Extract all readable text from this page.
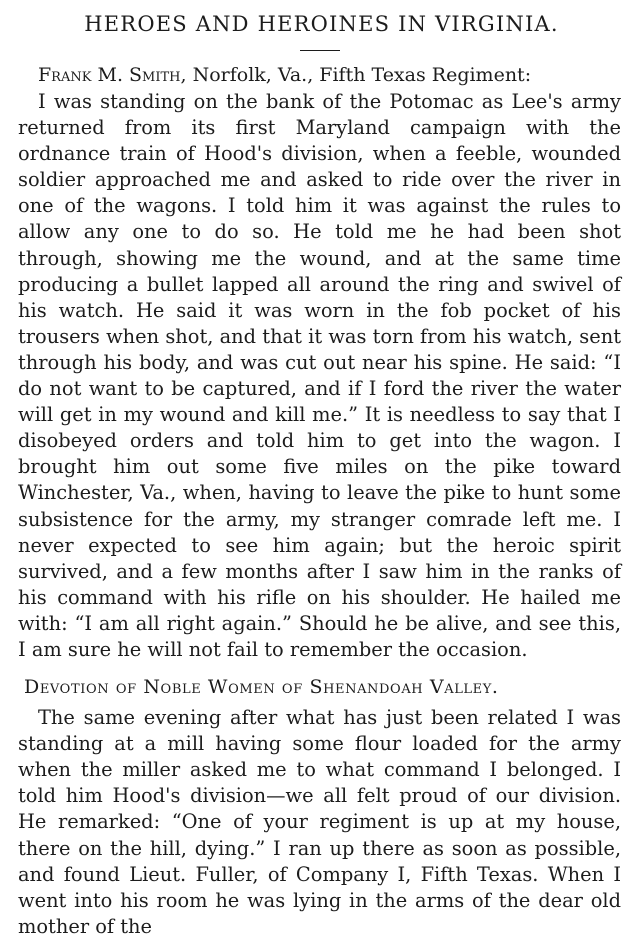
HEROES AND HEROINES IN VIRGINIA.

Frank M. Smith, Norfolk, Va., Fifth Texas Regiment:

I was standing on the bank of the Potomac as Lee's army returned from its first Maryland campaign with the ordnance train of Hood's division, when a feeble, wounded soldier approached me and asked to ride over the river in one of the wagons. I told him it was against the rules to allow any one to do so. He told me he had been shot through, showing me the wound, and at the same time producing a bullet lapped all around the ring and swivel of his watch. He said it was worn in the fob pocket of his trousers when shot, and that it was torn from his watch, sent through his body, and was cut out near his spine. He said: “I do not want to be captured, and if I ford the river the water will get in my wound and kill me.” It is needless to say that I disobeyed orders and told him to get into the wagon. I brought him out some five miles on the pike toward Winchester, Va., when, having to leave the pike to hunt some subsistence for the army, my stranger comrade left me. I never expected to see him again; but the heroic spirit survived, and a few months after I saw him in the ranks of his command with his rifle on his shoulder. He hailed me with: “I am all right again.” Should he be alive, and see this, I am sure he will not fail to remember the occasion.

Devotion of Noble Women of Shenandoah Valley.

The same evening after what has just been related I was standing at a mill having some flour loaded for the army when the miller asked me to what command I belonged. I told him Hood's division—we all felt proud of our division. He remarked: “One of your regiment is up at my house, there on the hill, dying.” I ran up there as soon as possible, and found Lieut. Fuller, of Company I, Fifth Texas. When I went into his room he was lying in the arms of the dear old mother of the
